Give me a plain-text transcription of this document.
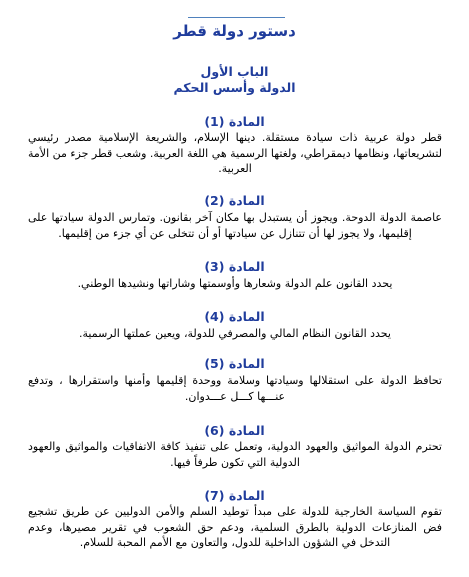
دستور دولة قطر
الباب الأول
الدولة وأسس الحكم
المادة (1)
قطر دولة عربية ذات سيادة مستقلة. دينها الإسلام، والشريعة الإسلامية مصدر رئيسي لتشريعاتها، ونظامها ديمقراطي، ولغتها الرسمية هي اللغة العربية. وشعب قطر جزء من الأمة العربية.
المادة (2)
عاصمة الدولة الدوحة. ويجوز أن يستبدل بها مكان آخر بقانون. وتمارس الدولة سيادتها على إقليمها، ولا يجوز لها أن تتنازل عن سيادتها أو أن تتخلى عن أي جزء من إقليمها.
المادة (3)
يحدد القانون علم الدولة وشعارها وأوسمتها وشاراتها ونشيدها الوطني.
المادة (4)
يحدد القانون النظام المالي والمصرفي للدولة، ويعين عملتها الرسمية.
المادة (5)
تحافظ الدولة على استقلالها وسيادتها وسلامة ووحدة إقليمها وأمنها واستقرارها ، وتدفع عنـــها كـــل عـــدوان.
المادة (6)
تحترم الدولة المواثيق والعهود الدولية، وتعمل على تنفيذ كافة الاتفاقيات والمواثيق والعهود الدولية التي تكون طرفاً فيها.
المادة (7)
تقوم السياسة الخارجية للدولة على مبدأ توطيد السلم والأمن الدوليين عن طريق تشجيع فض المنازعات الدولية بالطرق السلمية، ودعم حق الشعوب في تقرير مصيرها، وعدم التدخل في الشؤون الداخلية للدول، والتعاون مع الأمم المحبة للسلام.
